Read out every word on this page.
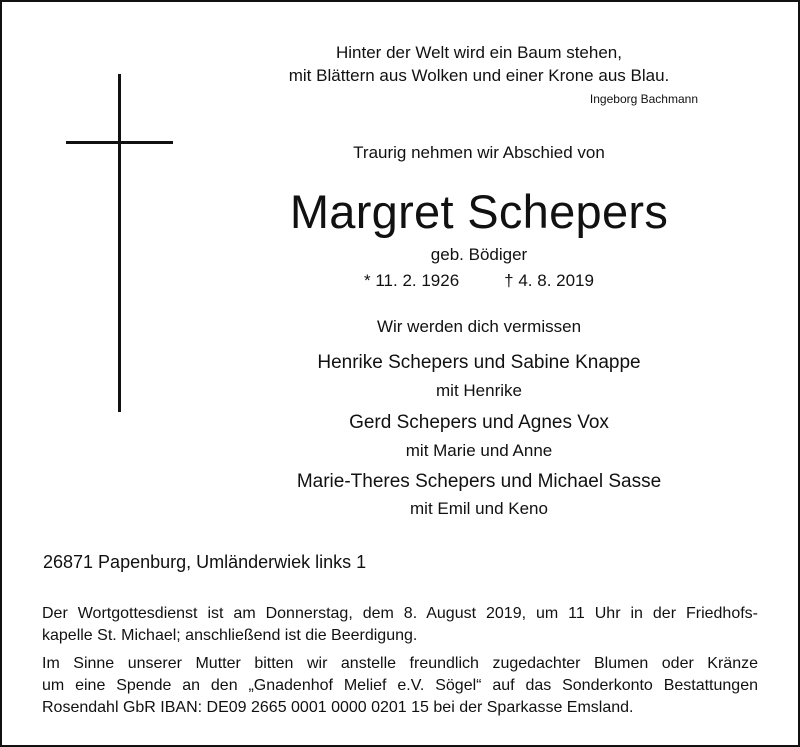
Hinter der Welt wird ein Baum stehen,
mit Blättern aus Wolken und einer Krone aus Blau.
Ingeborg Bachmann
Traurig nehmen wir Abschied von
Margret Schepers
geb. Bödiger
* 11. 2. 1926	† 4. 8. 2019
Wir werden dich vermissen
Henrike Schepers und Sabine Knappe
mit Henrike
Gerd Schepers und Agnes Vox
mit Marie und Anne
Marie-Theres Schepers und Michael Sasse
mit Emil und Keno
26871 Papenburg, Umländerwiek links 1
Der Wortgottesdienst ist am Donnerstag, dem 8. August 2019, um 11 Uhr in der Friedhofs-
kapelle St. Michael; anschließend ist die Beerdigung.
Im Sinne unserer Mutter bitten wir anstelle freundlich zugedachter Blumen oder Kränze
um eine Spende an den „Gnadenhof Melief e.V. Sögel“ auf das Sonderkonto Bestattungen
Rosendahl GbR IBAN: DE09 2665 0001 0000 0201 15 bei der Sparkasse Emsland.
